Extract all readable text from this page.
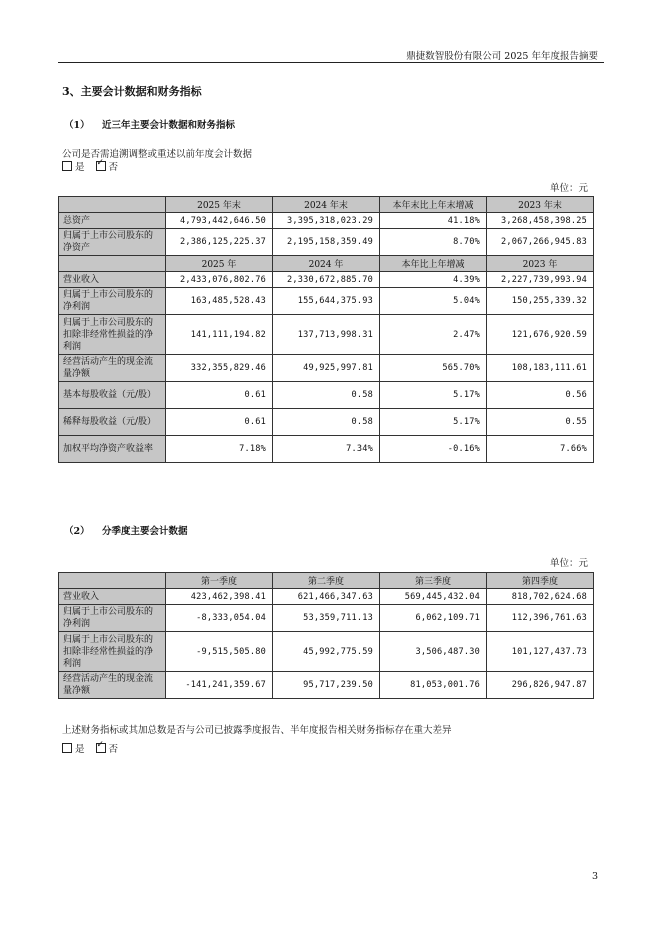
鼎捷数智股份有限公司 2025 年年度报告摘要
3、主要会计数据和财务指标
（1） 近三年主要会计数据和财务指标
公司是否需追溯调整或重述以前年度会计数据
是 ✓	否
单位：元
	2025 年末	2024 年末	本年末比上年末增减	2023 年末
总资产	4,793,442,646.50	3,395,318,023.29	41.18%	3,268,458,398.25
归属于上市公司股东的净资产	2,386,125,225.37	2,195,158,359.49	8.70%	2,067,266,945.83
	2025 年	2024 年	本年比上年增减	2023 年
营业收入	2,433,076,802.76	2,330,672,885.70	4.39%	2,227,739,993.94
归属于上市公司股东的净利润	163,485,528.43	155,644,375.93	5.04%	150,255,339.32
归属于上市公司股东的扣除非经常性损益的净利润	141,111,194.82	137,713,998.31	2.47%	121,676,920.59
经营活动产生的现金流量净额	332,355,829.46	49,925,997.81	565.70%	108,183,111.61
基本每股收益（元/股）	0.61	0.58	5.17%	0.56
稀释每股收益（元/股）	0.61	0.58	5.17%	0.55
加权平均净资产收益率	7.18%	7.34%	-0.16%	7.66%
（2） 分季度主要会计数据
单位：元
	第一季度	第二季度	第三季度	第四季度
营业收入	423,462,398.41	621,466,347.63	569,445,432.04	818,702,624.68
归属于上市公司股东的净利润	-8,333,054.04	53,359,711.13	6,062,109.71	112,396,761.63
归属于上市公司股东的扣除非经常性损益的净利润	-9,515,505.80	45,992,775.59	3,506,487.30	101,127,437.73
经营活动产生的现金流量净额	-141,241,359.67	95,717,239.50	81,053,001.76	296,826,947.87
上述财务指标或其加总数是否与公司已披露季度报告、半年度报告相关财务指标存在重大差异
是 ✓	否
3
